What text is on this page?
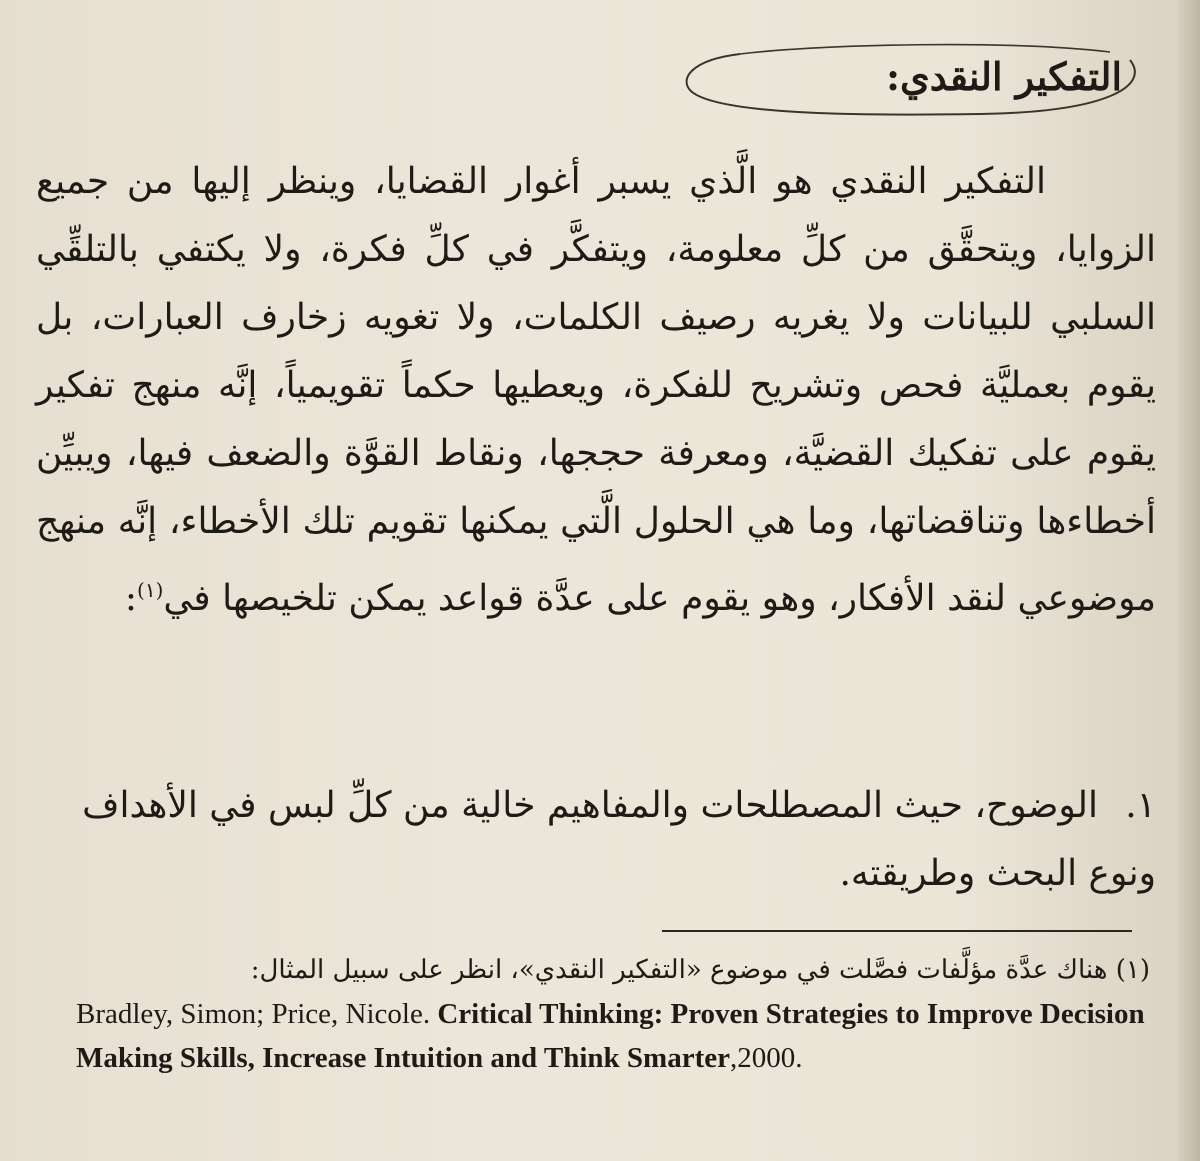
التفكير النقدي:

التفكير النقدي هو الَّذي يسبر أغوار القضايا، وينظر إليها من جميع الزوايا، ويتحقَّق من كلِّ معلومة، ويتفكَّر في كلِّ فكرة، ولا يكتفي بالتلقِّي السلبي للبيانات ولا يغريه رصيف الكلمات، ولا تغويه زخارف العبارات، بل يقوم بعمليَّة فحص وتشريح للفكرة، ويعطيها حكماً تقويمياً، إنَّه منهج تفكير يقوم على تفكيك القضيَّة، ومعرفة حججها، ونقاط القوَّة والضعف فيها، ويبيِّن أخطاءها وتناقضاتها، وما هي الحلول الَّتي يمكنها تقويم تلك الأخطاء، إنَّه منهج موضوعي لنقد الأفكار، وهو يقوم على عدَّة قواعد يمكن تلخيصها في$^{(١)}$:

١.الوضوح، حيث المصطلحات والمفاهيم خالية من كلِّ لبس في الأهداف ونوع البحث وطريقته.
(١) هناك عدَّة مؤلَّفات فصَّلت في موضوع «التفكير النقدي»، انظر على سبيل المثال:
Bradley, Simon; Price, Nicole. Critical Thinking: Proven Strategies to Improve Decision Making Skills, Increase Intuition and Think Smarter,2000.
